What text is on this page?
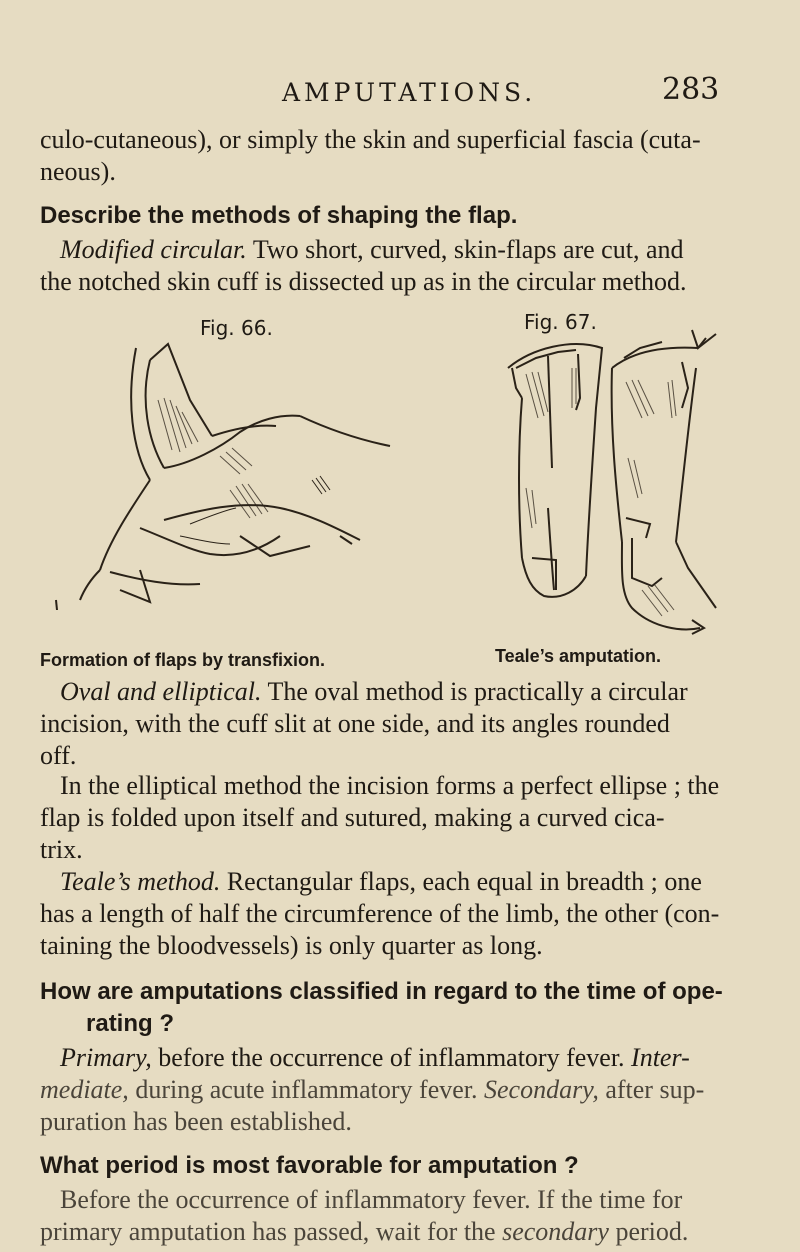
AMPUTATIONS.	283
culo-cutaneous), or simply the skin and superficial fascia (cuta-
neous).
Describe the methods of shaping the flap.
Modified circular. Two short, curved, skin-flaps are cut, and
the notched skin cuff is dissected up as in the circular method.
Fig. 66.	Fig. 67.
Formation of flaps by transfixion.	Teale’s amputation.
Oval and elliptical. The oval method is practically a circular
incision, with the cuff slit at one side, and its angles rounded
off.
In the elliptical method the incision forms a perfect ellipse ; the
flap is folded upon itself and sutured, making a curved cica-
trix.
Teale’s method. Rectangular flaps, each equal in breadth ; one
has a length of half the circumference of the limb, the other (con-
taining the bloodvessels) is only quarter as long.
How are amputations classified in regard to the time of ope-
rating ?
Primary, before the occurrence of inflammatory fever. Inter-
mediate, during acute inflammatory fever. Secondary, after sup-
puration has been established.
What period is most favorable for amputation ?
Before the occurrence of inflammatory fever. If the time for
primary amputation has passed, wait for the secondary period.
